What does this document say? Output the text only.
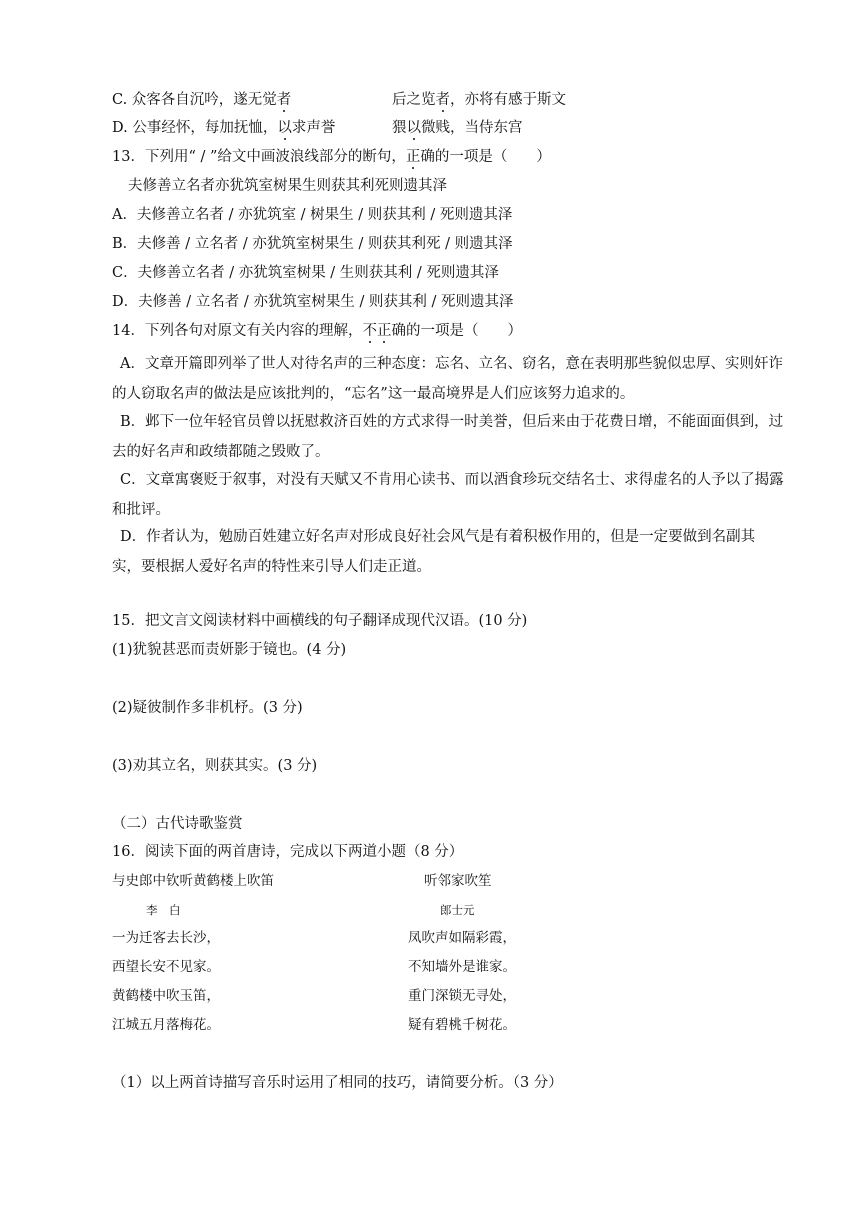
C. 众客各自沉吟，遂无觉者	后之览者，亦将有感于斯文
D. 公事经怀，每加抚恤，以求声誉	猥以微贱，当侍东宫
13．下列用“ / ”给文中画波浪线部分的断句，正确的一项是（　　）
夫修善立名者亦犹筑室树果生则获其利死则遗其泽
A．夫修善立名者 / 亦犹筑室 / 树果生 / 则获其利 / 死则遗其泽
B．夫修善 / 立名者 / 亦犹筑室树果生 / 则获其利死 / 则遗其泽
C．夫修善立名者 / 亦犹筑室树果 / 生则获其利 / 死则遗其泽
D．夫修善 / 立名者 / 亦犹筑室树果生 / 则获其利 / 死则遗其泽
14．下列各句对原文有关内容的理解，不正确的一项是（　　）
A．文章开篇即列举了世人对待名声的三种态度：忘名、立名、窃名，意在表明那些貌似忠厚、实则奸诈的人窃取名声的做法是应该批判的，“忘名”这一最高境界是人们应该努力追求的。
B．邺下一位年轻官员曾以抚慰救济百姓的方式求得一时美誉，但后来由于花费日增，不能面面俱到，过去的好名声和政绩都随之毁败了。
C．文章寓褒贬于叙事，对没有天赋又不肯用心读书、而以酒食珍玩交结名士、求得虚名的人予以了揭露和批评。
D．作者认为，勉励百姓建立好名声对形成良好社会风气是有着积极作用的，但是一定要做到名副其实，要根据人爱好名声的特性来引导人们走正道。
15．把文言文阅读材料中画横线的句子翻译成现代汉语。(10 分)
(1)犹貌甚恶而责妍影于镜也。(4 分)
(2)疑彼制作多非机杼。(3 分)
(3)劝其立名，则获其实。(3 分)
（二）古代诗歌鉴赏
16．阅读下面的两首唐诗，完成以下两道小题（8 分）
与史郎中钦听黄鹤楼上吹笛
李　白
一为迁客去长沙，
西望长安不见家。
黄鹤楼中吹玉笛，
江城五月落梅花。
听邻家吹笙
郎士元
凤吹声如隔彩霞，
不知墙外是谁家。
重门深锁无寻处，
疑有碧桃千树花。
（1）以上两首诗描写音乐时运用了相同的技巧，请简要分析。（3 分）
